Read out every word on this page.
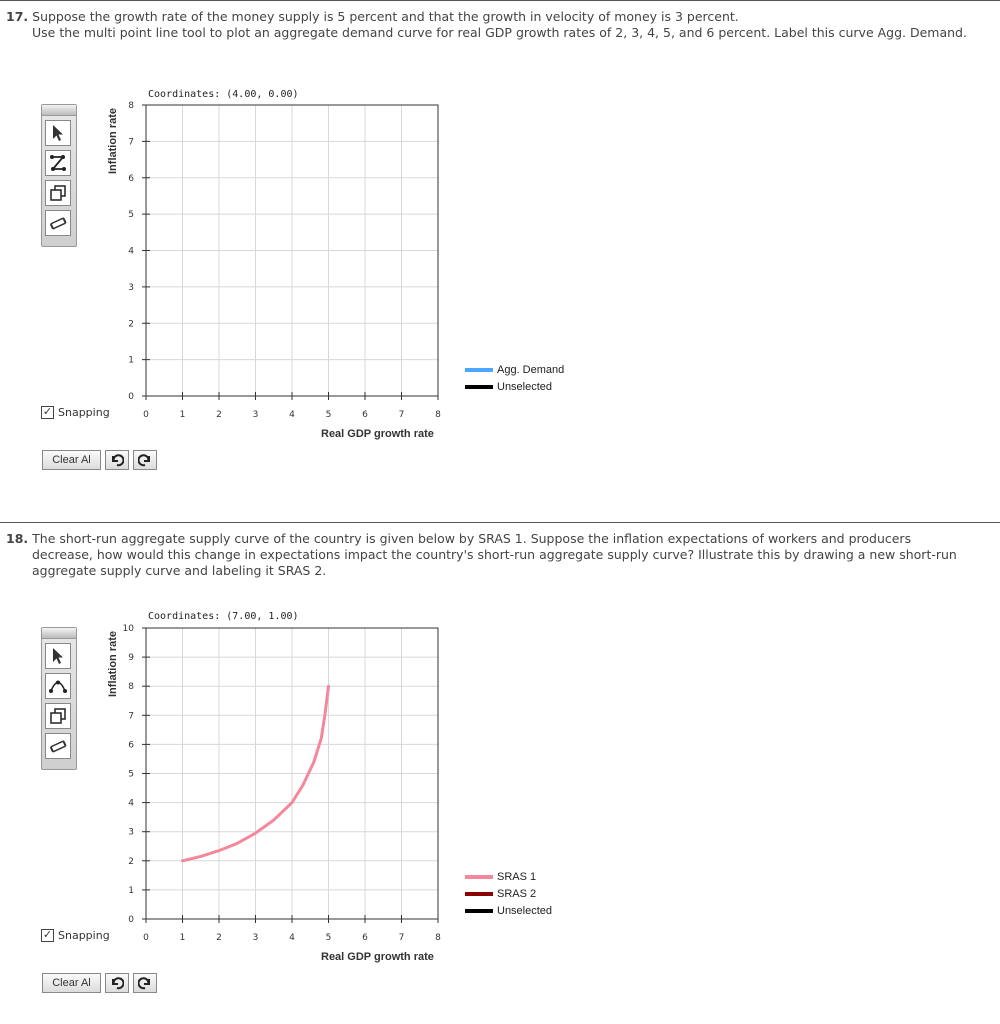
17. Suppose the growth rate of the money supply is 5 percent and that the growth in velocity of money is 3 percent.
Use the multi point line tool to plot an aggregate demand curve for real GDP growth rates of 2, 3, 4, 5, and 6 percent. Label this curve Agg. Demand.
✓ Snapping
Clear Al
Inflation rate
Coordinates: (4.00, 0.00)
0	1	2	3	4	5	6	7	8
0
1
2
3
4
5
6
7
8
Real GDP growth rate
Agg. Demand
Unselected
18. The short-run aggregate supply curve of the country is given below by SRAS 1. Suppose the inflation expectations of workers and producers
decrease, how would this change in expectations impact the country's short-run aggregate supply curve? Illustrate this by drawing a new short-run aggregate supply curve and labeling it SRAS 2.
✓ Snapping
Clear Al
Inflation rate
Coordinates: (7.00, 1.00)
0	1	2	3	4	5	6	7	8
0
1
2
3
4
5
6
7
8
9
10
Real GDP growth rate
SRAS 1
SRAS 2
Unselected
